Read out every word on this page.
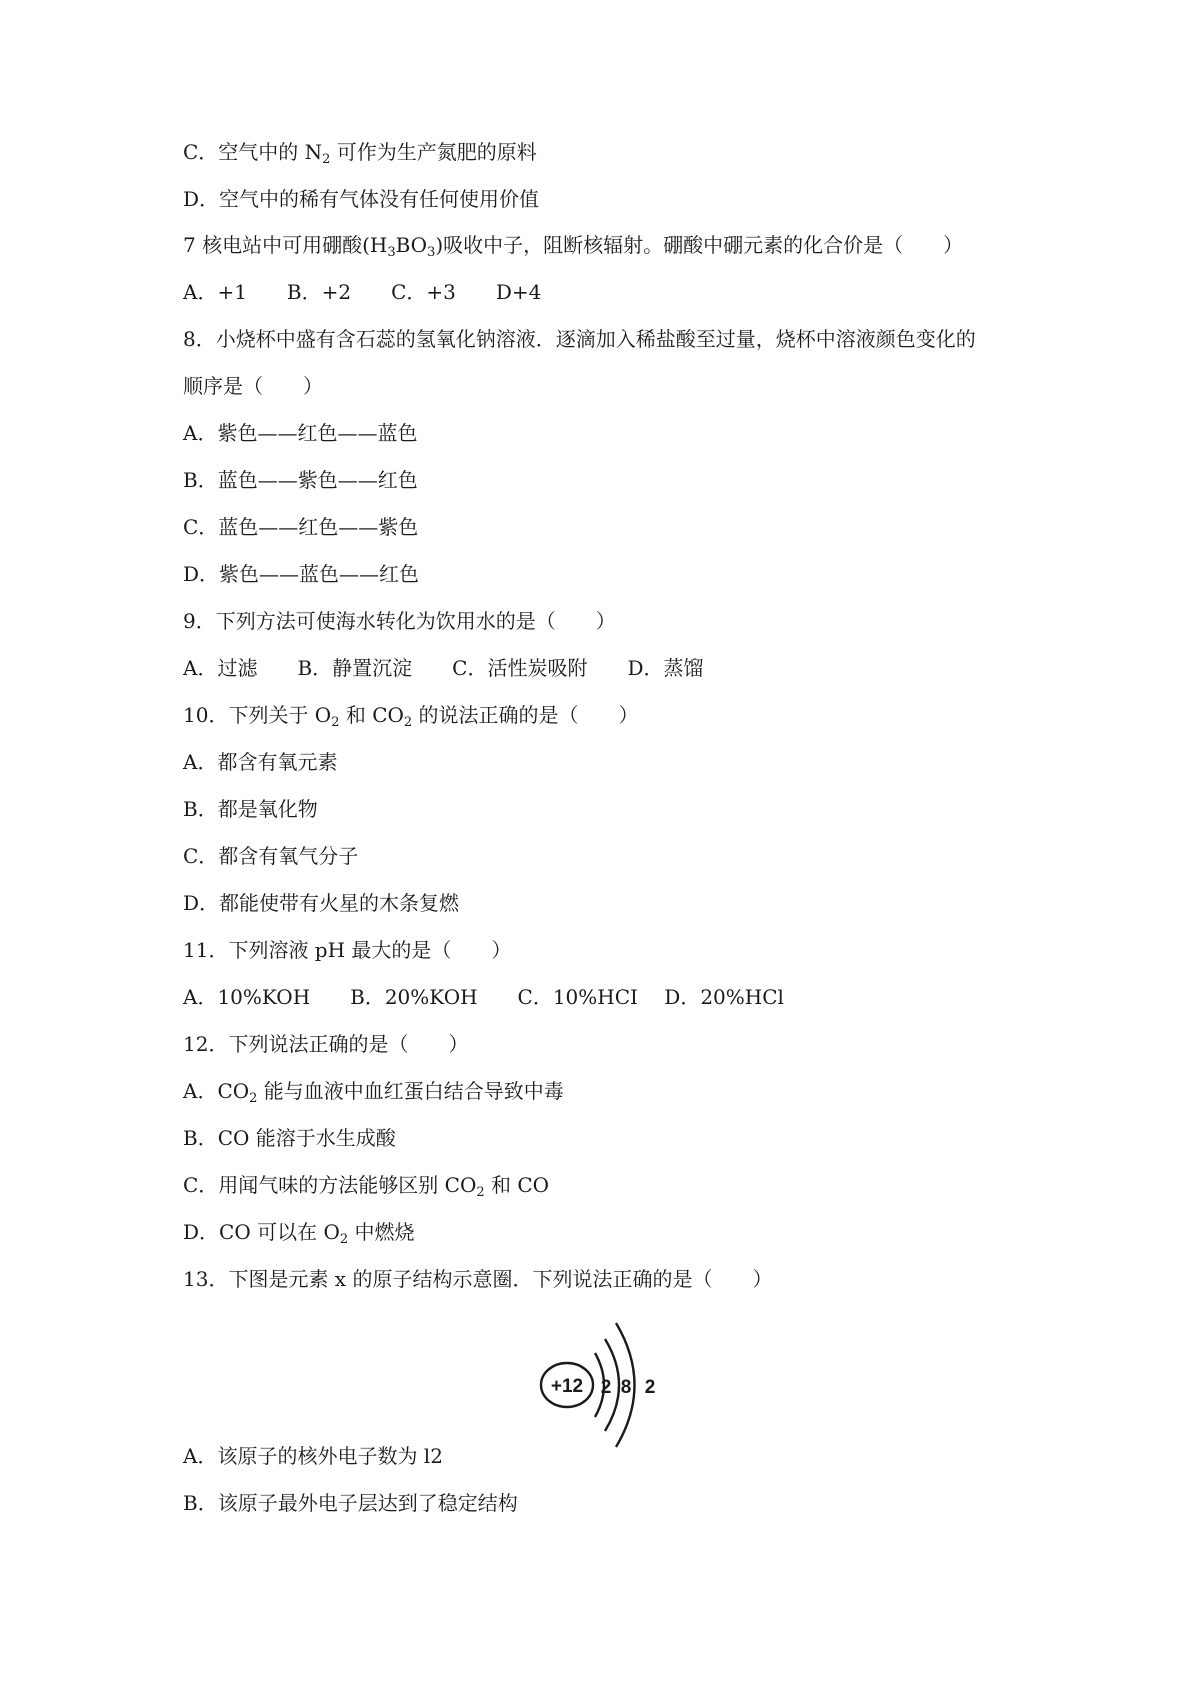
C．空气中的 $N_2$ 可作为生产氮肥的原料
D．空气中的稀有气体没有任何使用价值
7 核电站中可用硼酸$(H_3BO_3)$吸收中子，阻断核辐射。硼酸中硼元素的化合价是（　　）
A．+1　　B．+2　　C．+3　　D+4
8．小烧杯中盛有含石蕊的氢氧化钠溶液．逐滴加入稀盐酸至过量，烧杯中溶液颜色变化的
顺序是（　　）
A．紫色——红色——蓝色
B．蓝色——紫色——红色
C．蓝色——红色——紫色
D．紫色——蓝色——红色
9．下列方法可使海水转化为饮用水的是（　　）
A．过滤　　B．静置沉淀　　C．活性炭吸附　　D．蒸馏
10．下列关于 $O_2$ 和 $CO_2$ 的说法正确的是（　　）
A．都含有氧元素
B．都是氧化物
C．都含有氧气分子
D．都能使带有火星的木条复燃
11．下列溶液 pH 最大的是（　　）
A．10%KOH　　B．20%KOH　　C．10%HCI　 D．20%HCl
12．下列说法正确的是（　　）
A．$CO_2$ 能与血液中血红蛋白结合导致中毒
B．CO 能溶于水生成酸
C．用闻气味的方法能够区别 $CO_2$ 和 CO
D．CO 可以在 $O_2$ 中燃烧
13．下图是元素 x 的原子结构示意圈．下列说法正确的是（　　）
A．该原子的核外电子数为 l2
B．该原子最外电子层达到了稳定结构
+12 2 8 2
